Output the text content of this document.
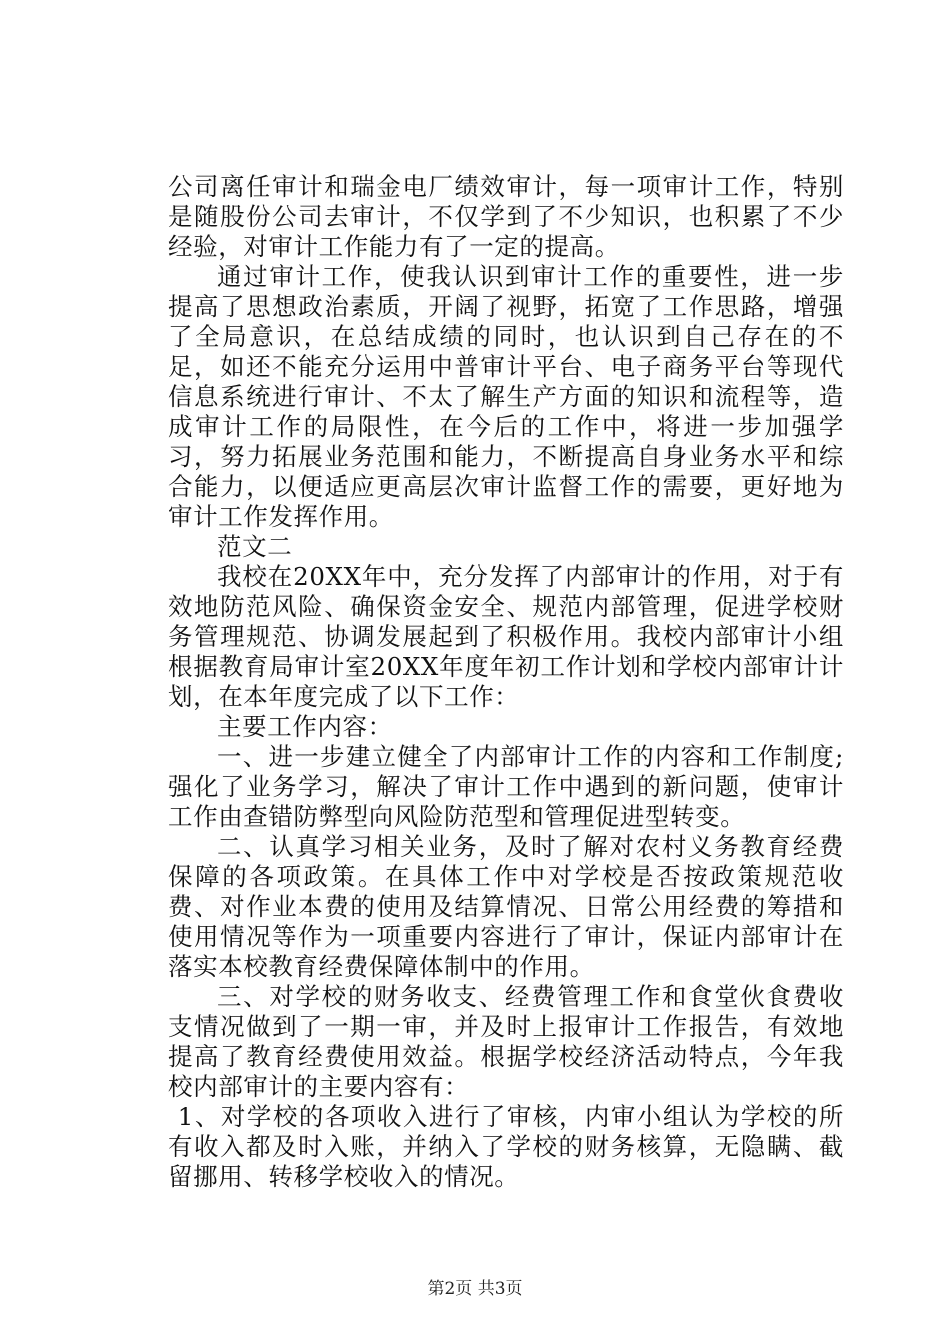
公司离任审计和瑞金电厂绩效审计，每一项审计工作，特别是随股份公司去审计，不仅学到了不少知识，也积累了不少经验，对审计工作能力有了一定的提高。

通过审计工作，使我认识到审计工作的重要性，进一步提高了思想政治素质，开阔了视野，拓宽了工作思路，增强了全局意识，在总结成绩的同时，也认识到自己存在的不足，如还不能充分运用中普审计平台、电子商务平台等现代信息系统进行审计、不太了解生产方面的知识和流程等，造成审计工作的局限性，在今后的工作中，将进一步加强学习，努力拓展业务范围和能力，不断提高自身业务水平和综合能力，以便适应更高层次审计监督工作的需要，更好地为审计工作发挥作用。

范文二

我校在20XX年中，充分发挥了内部审计的作用，对于有效地防范风险、确保资金安全、规范内部管理，促进学校财务管理规范、协调发展起到了积极作用。我校内部审计小组根据教育局审计室20XX年度年初工作计划和学校内部审计计划，在本年度完成了以下工作：

主要工作内容：

一、进一步建立健全了内部审计工作的内容和工作制度;强化了业务学习，解决了审计工作中遇到的新问题，使审计工作由查错防弊型向风险防范型和管理促进型转变。

二、认真学习相关业务，及时了解对农村义务教育经费保障的各项政策。在具体工作中对学校是否按政策规范收费、对作业本费的使用及结算情况、日常公用经费的筹措和使用情况等作为一项重要内容进行了审计，保证内部审计在落实本校教育经费保障体制中的作用。

三、对学校的财务收支、经费管理工作和食堂伙食费收支情况做到了一期一审，并及时上报审计工作报告，有效地提高了教育经费使用效益。根据学校经济活动特点，今年我校内部审计的主要内容有：

1、对学校的各项收入进行了审核，内审小组认为学校的所有收入都及时入账，并纳入了学校的财务核算，无隐瞒、截留挪用、转移学校收入的情况。

第2页 共3页
